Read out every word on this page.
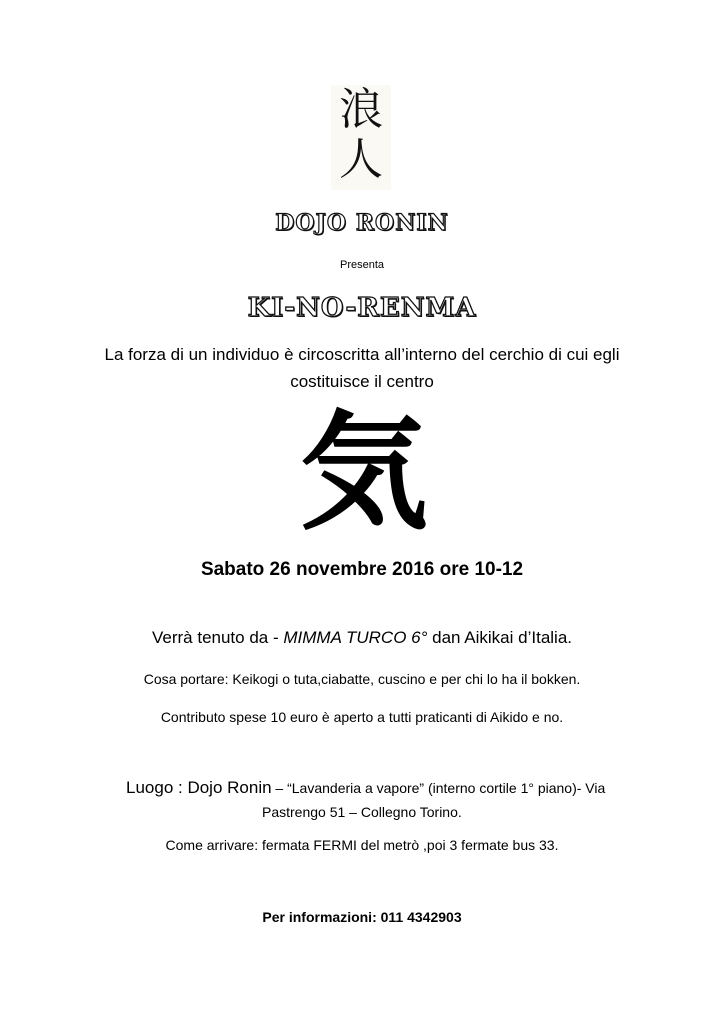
浪
人
DOJO RONIN
Presenta
KI-NO-RENMA
La forza di un individuo è circoscritta all’interno del cerchio di cui egli costituisce il centro
気
Sabato 26 novembre 2016 ore 10-12
Verrà tenuto da - MIMMA TURCO 6° dan Aikikai d’Italia.
Cosa portare: Keikogi o tuta,ciabatte, cuscino e per chi lo ha il bokken.
Contributo spese 10 euro è aperto a tutti praticanti di Aikido e no.
Luogo : Dojo Ronin – “Lavanderia a vapore” (interno cortile 1° piano)- Via
Pastrengo 51 – Collegno Torino.
Come arrivare: fermata FERMI del metrò ,poi 3 fermate bus 33.
Per informazioni: 011 4342903
